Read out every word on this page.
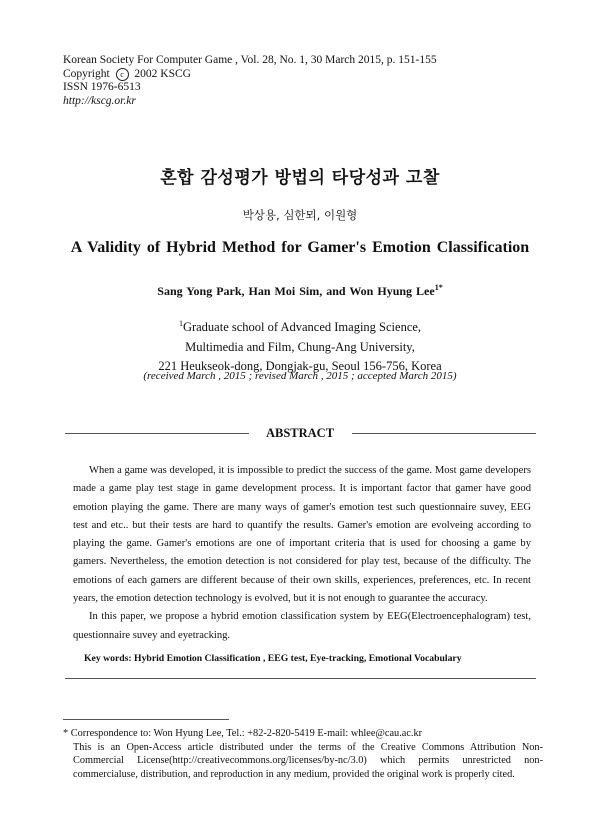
Korean Society For Computer Game , Vol. 28, No. 1, 30 March 2015, p. 151-155
Copyright c 2002 KSCG
ISSN 1976-6513
http://kscg.or.kr
혼합 감성평가 방법의 타당성과 고찰
박상용, 심한뫼, 이원형
A Validity of Hybrid Method for Gamer's Emotion Classification
Sang Yong Park, Han Moi Sim, and Won Hyung Lee$^{1*}$
$^1$Graduate school of Advanced Imaging Science,
Multimedia and Film, Chung-Ang University,
221 Heukseok-dong, Dongjak-gu, Seoul 156-756, Korea
(received March , 2015 ; revised March , 2015 ; accepted March 2015)
ABSTRACT

When a game was developed, it is impossible to predict the success of the game. Most game developers made a game play test stage in game development process. It is important factor that gamer have good emotion playing the game. There are many ways of gamer's emotion test such questionnaire suvey, EEG test and etc.. but their tests are hard to quantify the results. Gamer's emotion are evolveing according to playing the game. Gamer's emotions are one of important criteria that is used for choosing a game by gamers. Nevertheless, the emotion detection is not considered for play test, because of the difficulty. The emotions of each gamers are different because of their own skills, experiences, preferences, etc. In recent years, the emotion detection technology is evolved, but it is not enough to guarantee the accuracy.

In this paper, we propose a hybrid emotion classification system by EEG(Electroencephalogram) test, questionnaire suvey and eyetracking.

Key words: Hybrid Emotion Classification , EEG test, Eye-tracking, Emotional Vocabulary
* Correspondence to: Won Hyung Lee, Tel.: +82-2-820-5419 E-mail: whlee@cau.ac.kr
This is an Open-Access article distributed under the terms of the Creative Commons Attribution Non-Commercial License(http://creativecommons.org/licenses/by-nc/3.0) which permits unrestricted non-commercialuse, distribution, and reproduction in any medium, provided the original work is properly cited.
